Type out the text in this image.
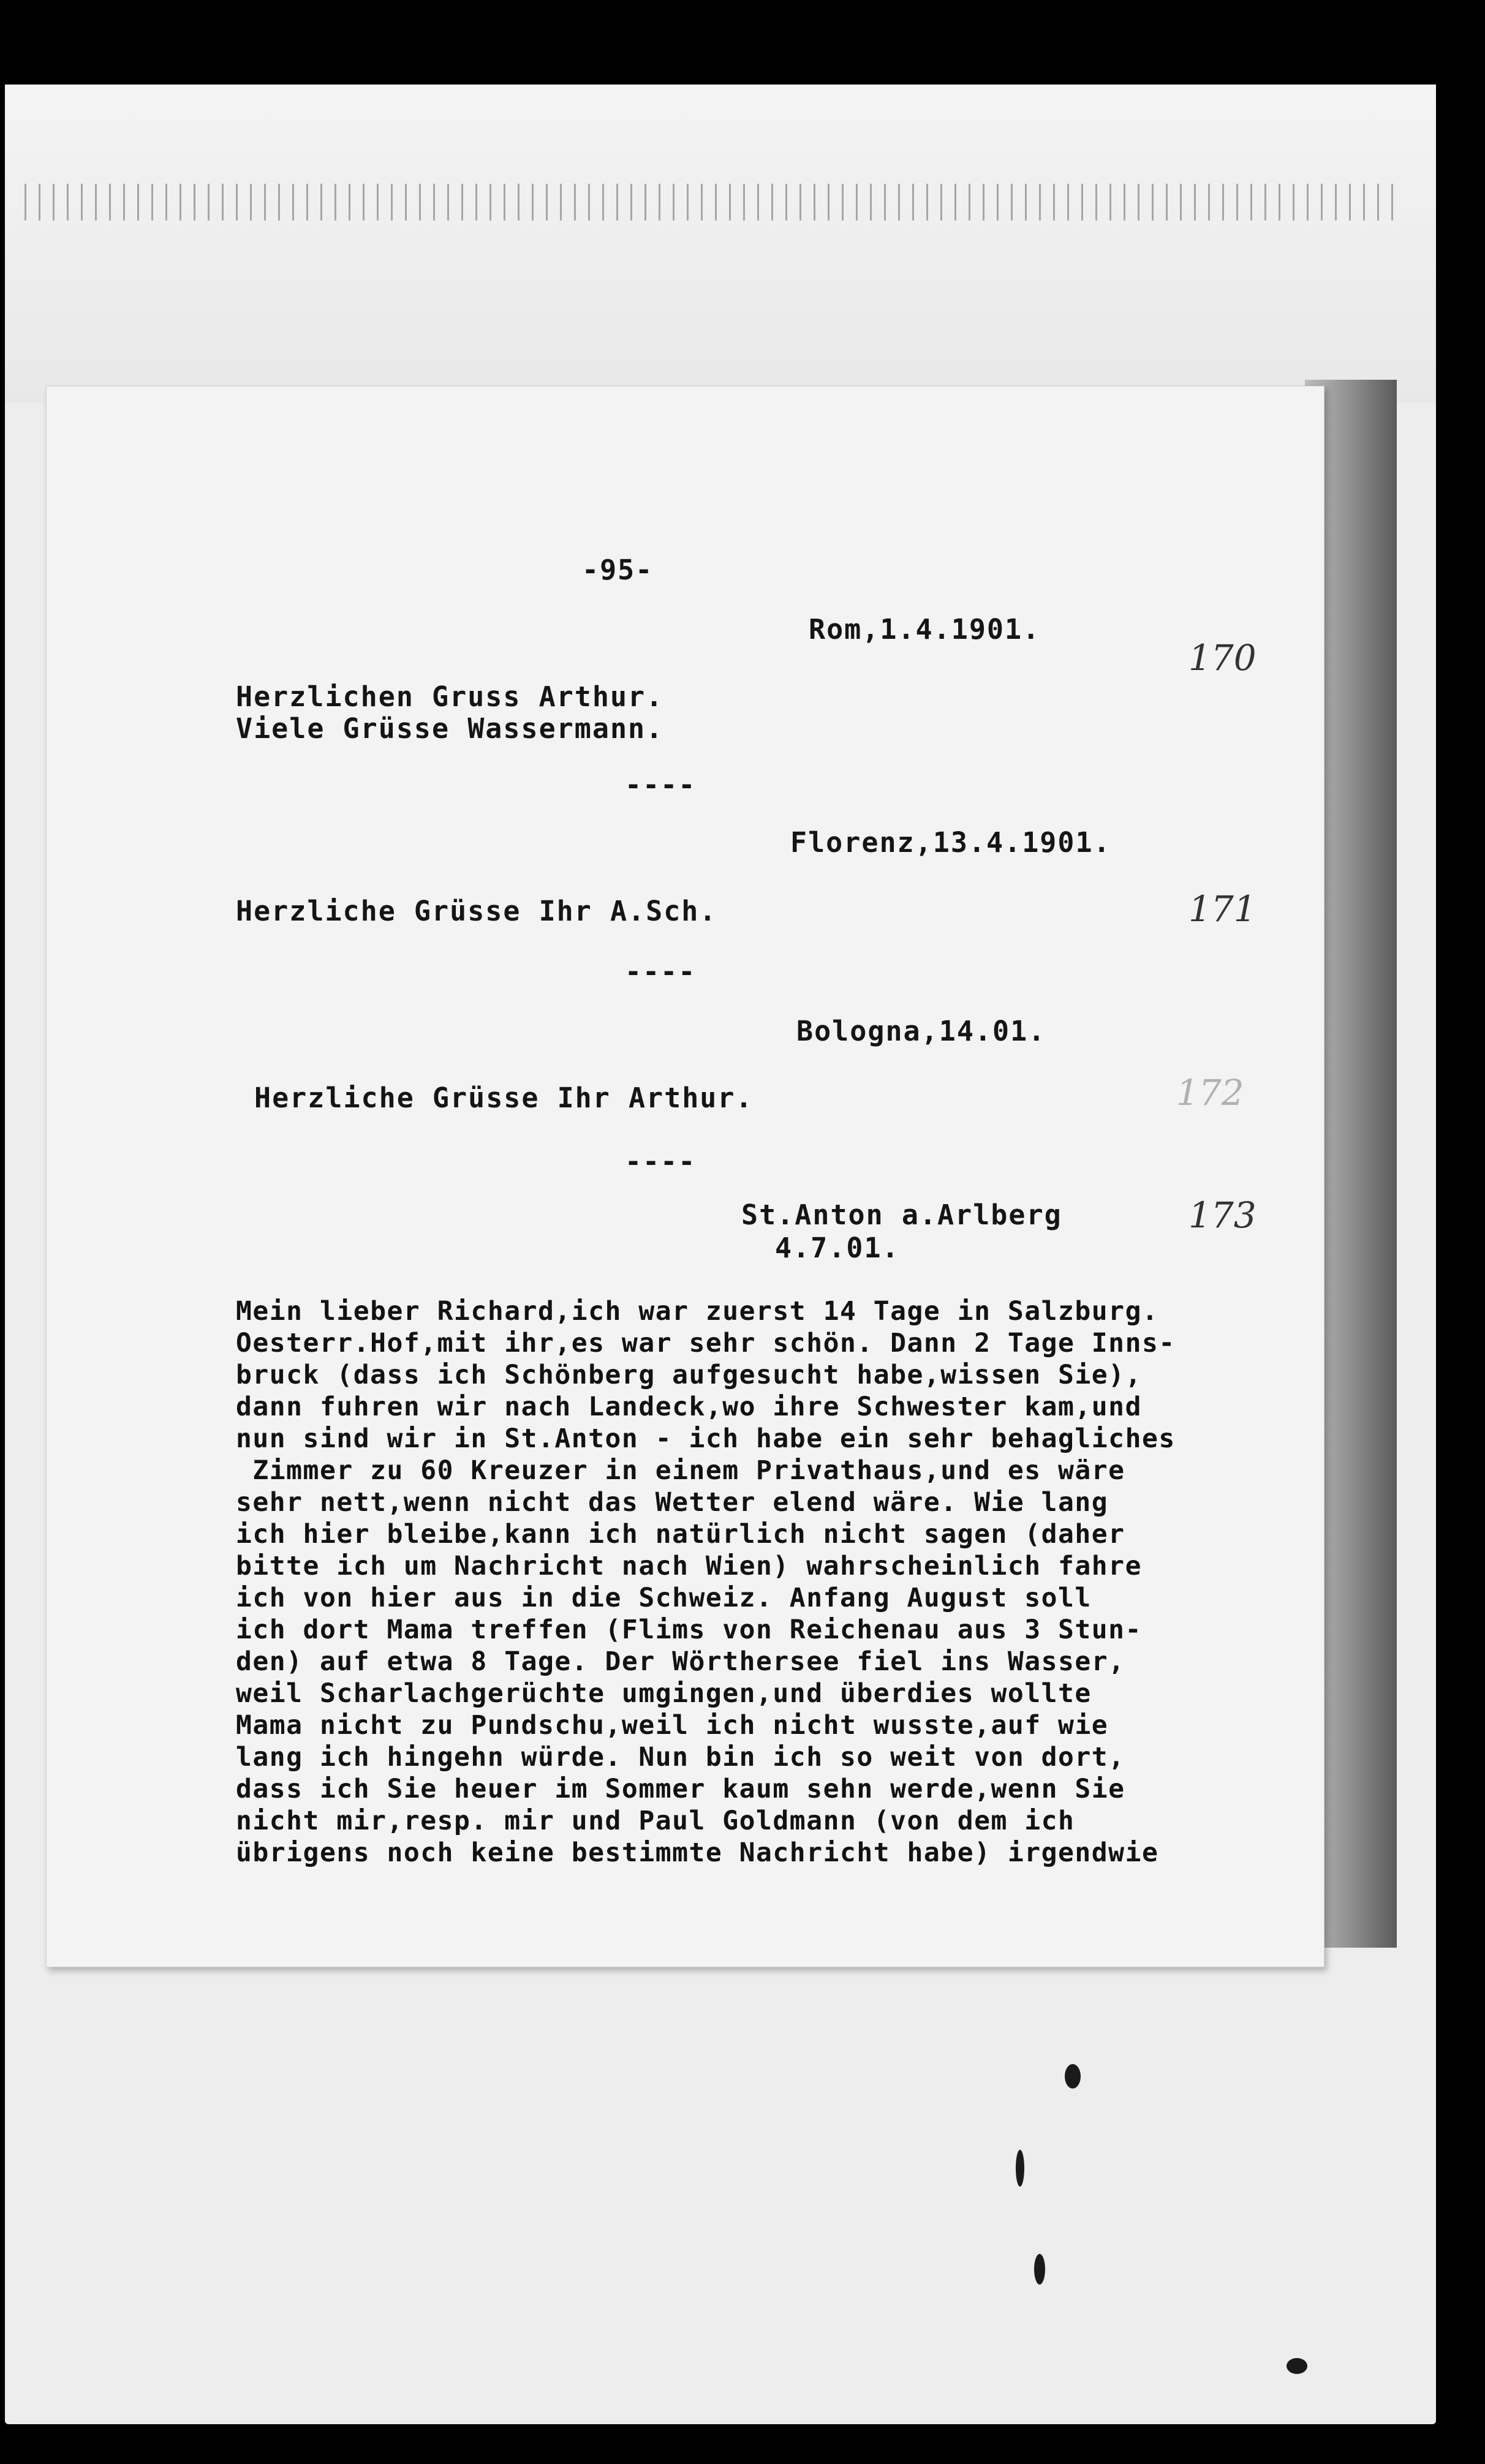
-95-
Rom,1.4.1901.
170
Herzlichen Gruss Arthur.
Viele Grüsse Wassermann.
----
Florenz,13.4.1901.
171
Herzliche Grüsse Ihr A.Sch.
----
Bologna,14.01.
172
Herzliche Grüsse Ihr Arthur.
----
St.Anton a.Arlberg
4.7.01.
173
Mein lieber Richard,ich war zuerst 14 Tage in Salzburg.
Oesterr.Hof,mit ihr,es war sehr schön. Dann 2 Tage Inns-
bruck (dass ich Schönberg aufgesucht habe,wissen Sie),
dann fuhren wir nach Landeck,wo ihre Schwester kam,und
nun sind wir in St.Anton - ich habe ein sehr behagliches
Zimmer zu 60 Kreuzer in einem Privathaus,und es wäre
sehr nett,wenn nicht das Wetter elend wäre. Wie lang
ich hier bleibe,kann ich natürlich nicht sagen (daher
bitte ich um Nachricht nach Wien) wahrscheinlich fahre
ich von hier aus in die Schweiz. Anfang August soll
ich dort Mama treffen (Flims von Reichenau aus 3 Stun-
den) auf etwa 8 Tage. Der Wörthersee fiel ins Wasser,
weil Scharlachgerüchte umgingen,und überdies wollte
Mama nicht zu Pundschu,weil ich nicht wusste,auf wie
lang ich hingehn würde. Nun bin ich so weit von dort,
dass ich Sie heuer im Sommer kaum sehn werde,wenn Sie
nicht mir,resp. mir und Paul Goldmann (von dem ich
übrigens noch keine bestimmte Nachricht habe) irgendwie
